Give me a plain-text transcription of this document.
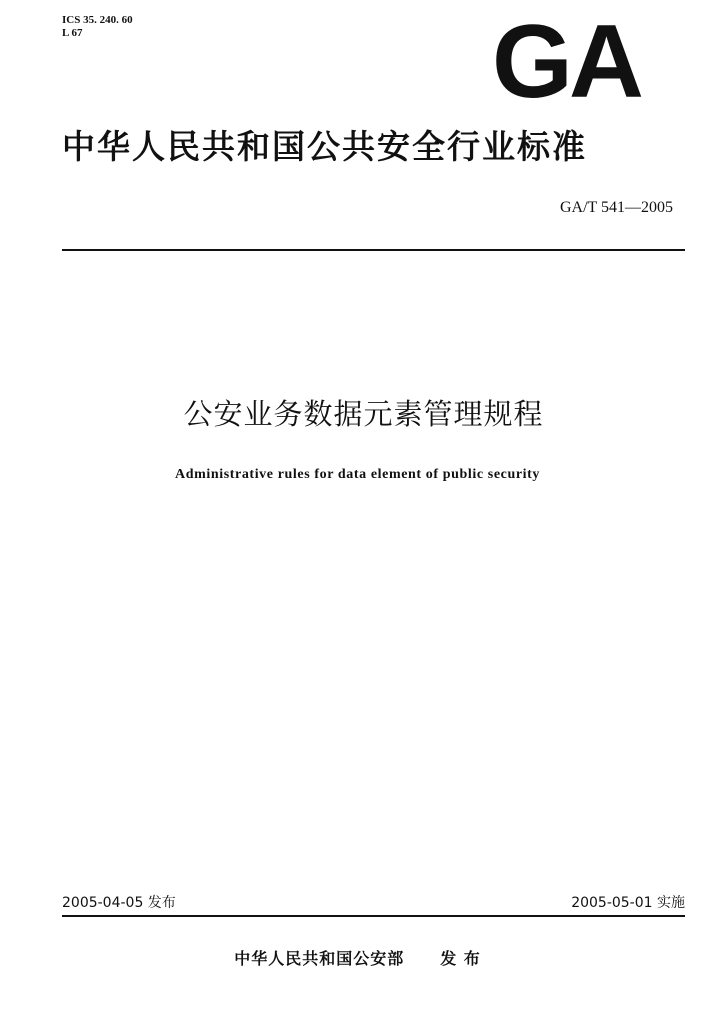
ICS 35. 240. 60
L 67	GA
中华人民共和国公共安全行业标准
GA/T 541—2005
公安业务数据元素管理规程
Administrative rules for data element of public security
2005-04-05 发布	2005-05-01 实施
中华人民共和国公安部 发 布
